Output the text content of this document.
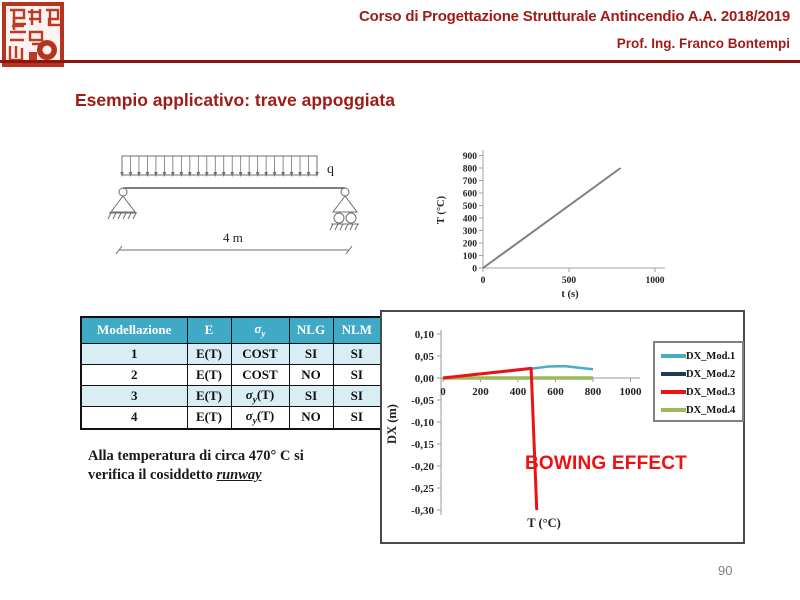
Corso di Progettazione Strutturale Antincendio A.A. 2018/2019
Prof. Ing. Franco Bontempi
Esempio applicativo: trave appoggiata
q
4 m
900
800
700
600
500
400
300
200
100
0
0	500	1000
T (°C)
t (s)
Modellazione	E	$\sigma_y$	NLG	NLM
1	E(T)	COST	SI	SI
2	E(T)	COST	NO	SI
3	E(T)	$\sigma_y(T)$	SI	SI
4	E(T)	$\sigma_y(T)$	NO	SI
Alla temperatura di circa 470° C si
verifica il cosiddetto runway
0,10
0,05
0,00
-0,05
-0,10
-0,15
-0,20
-0,25
-0,30
0 200 400 600 800 1000
DX (m)
T (°C)
DX_Mod.1
DX_Mod.2
DX_Mod.3
DX_Mod.4
BOWING EFFECT
90
